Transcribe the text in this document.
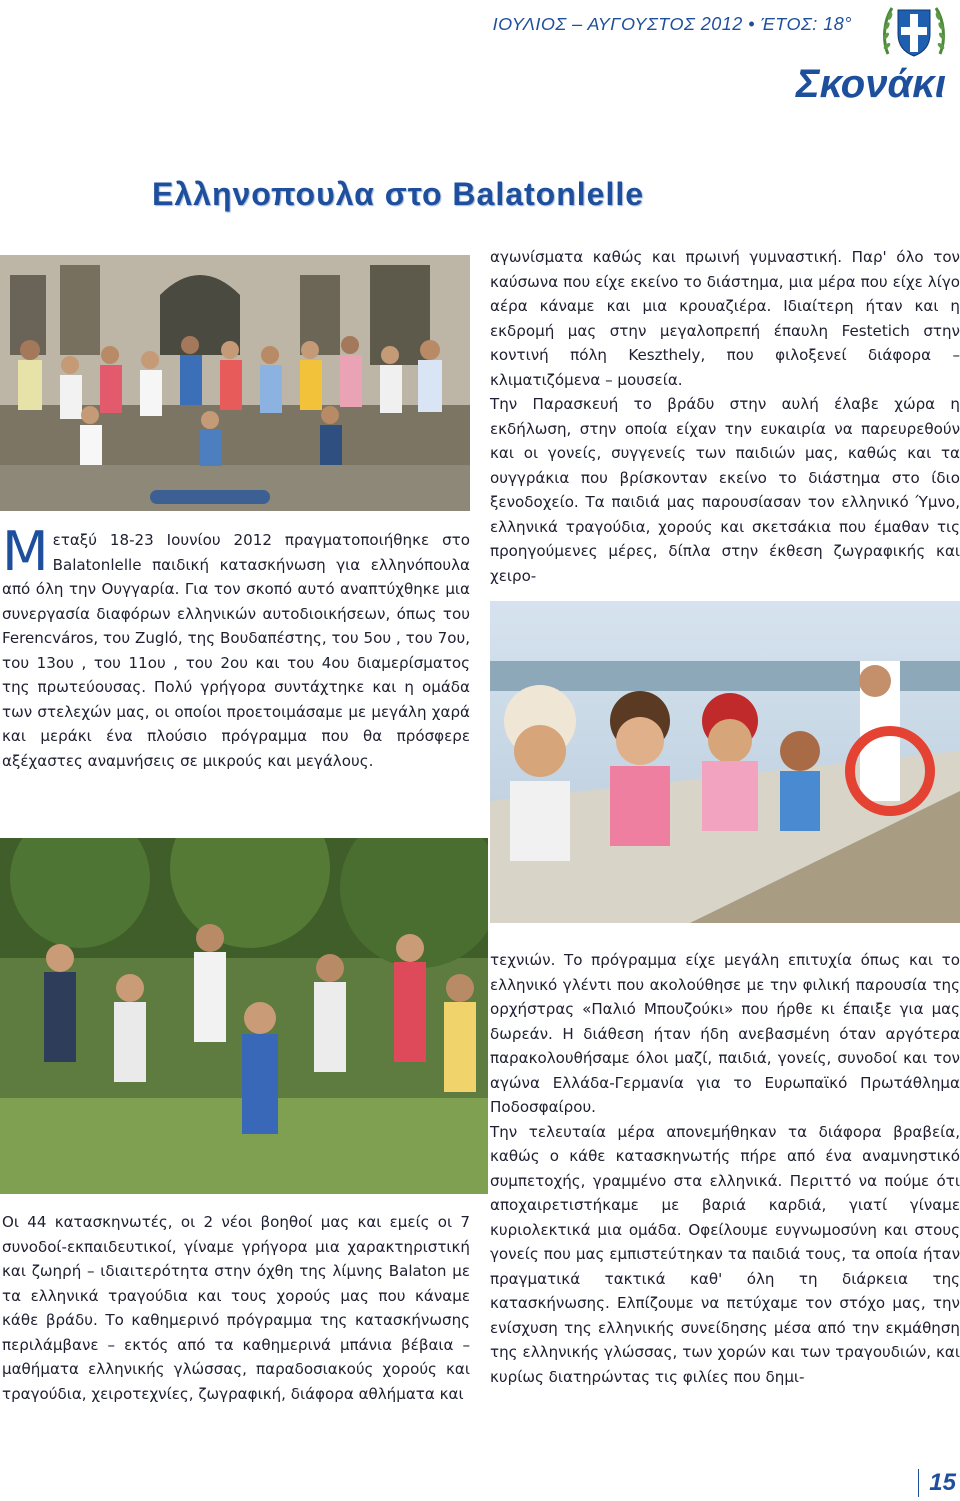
ΙΟΥΛΙΟΣ – ΑΥΓΟΥΣΤΟΣ 2012 • ΈΤΟΣ: 18°
Σκονάκι
Ελληνοπουλα στο Balatonlelle

Μεταξύ 18-23 Ιουνίου 2012 πραγματοποιήθηκε στο Balatonlelle παιδική κατασκήνωση για ελληνόπουλα από όλη την Ουγγαρία. Για τον σκοπό αυτό αναπτύχθηκε μια συνεργασία διαφόρων ελληνικών αυτοδιοικήσεων, όπως του Ferencváros, του Zugló, της Βουδαπέστης, του 5ου , του 7ου, του 13ου , του 11ου , του 2ου και του 4ου διαμερίσματος της πρωτεύουσας. Πολύ γρήγορα συντάχτηκε και η ομάδα των στελεχών μας, οι οποίοι προετοιμάσαμε με μεγάλη χαρά και μεράκι ένα πλούσιο πρόγραμμα που θα πρόσφερε αξέχαστες αναμνήσεις σε μικρούς και μεγάλους.

αγωνίσματα καθώς και πρωινή γυμναστική. Παρ' όλο τον καύσωνα που είχε εκείνο το διάστημα, μια μέρα που είχε λίγο αέρα κάναμε και μια κρουαζιέρα. Ιδιαίτερη ήταν και η εκδρομή μας στην μεγαλοπρεπή έπαυλη Festetich στην κοντινή πόλη Keszthely, που φιλοξενεί διάφορα – κλιματιζόμενα – μουσεία.

Την Παρασκευή το βράδυ στην αυλή έλαβε χώρα η εκδήλωση, στην οποία είχαν την ευκαιρία να παρευρεθούν και οι γονείς, συγγενείς των παιδιών μας, καθώς και τα ουγγράκια που βρίσκονταν εκείνο το διάστημα στο ίδιο ξενοδοχείο. Τα παιδιά μας παρουσίασαν τον ελληνικό Ύμνο, ελληνικά τραγούδια, χορούς και σκετσάκια που έμαθαν τις προηγούμενες μέρες, δίπλα στην έκθεση ζωγραφικής και χειρο-

Οι 44 κατασκηνωτές, οι 2 νέοι βοηθοί μας και εμείς οι 7 συνοδοί-εκπαιδευτικοί, γίναμε γρήγορα μια χαρακτηριστική και ζωηρή – ιδιαιτερότητα στην όχθη της λίμνης Balaton με τα ελληνικά τραγούδια και τους χορούς μας που κάναμε κάθε βράδυ. Το καθημερινό πρόγραμμα της κατασκήνωσης περιλάμβανε – εκτός από τα καθημερινά μπάνια βέβαια – μαθήματα ελληνικής γλώσσας, παραδοσιακούς χορούς και τραγούδια, χειροτεχνίες, ζωγραφική, διάφορα αθλήματα και

τεχνιών. Το πρόγραμμα είχε μεγάλη επιτυχία όπως και το ελληνικό γλέντι που ακολούθησε με την φιλική παρουσία της ορχήστρας «Παλιό Μπουζούκι» που ήρθε κι έπαιξε για μας δωρεάν. Η διάθεση ήταν ήδη ανεβασμένη όταν αργότερα παρακολουθήσαμε όλοι μαζί, παιδιά, γονείς, συνοδοί και τον αγώνα Ελλάδα-Γερμανία για το Ευρωπαϊκό Πρωτάθλημα Ποδοσφαίρου.

Την τελευταία μέρα απονεμήθηκαν τα διάφορα βραβεία, καθώς ο κάθε κατασκηνωτής πήρε από ένα αναμνηστικό συμπετοχής, γραμμένο στα ελληνικά. Περιττό να πούμε ότι αποχαιρετιστήκαμε με βαριά καρδιά, γιατί γίναμε κυριολεκτικά μια ομάδα. Οφείλουμε ευγνωμοσύνη και στους γονείς που μας εμπιστεύτηκαν τα παιδιά τους, τα οποία ήταν πραγματικά τακτικά καθ' όλη τη διάρκεια της κατασκήνωσης. Ελπίζουμε να πετύχαμε τον στόχο μας, την ενίσχυση της ελληνικής συνείδησης μέσα από την εκμάθηση της ελληνικής γλώσσας, των χορών και των τραγουδιών, και κυρίως διατηρώντας τις φιλίες που δημι-

15
